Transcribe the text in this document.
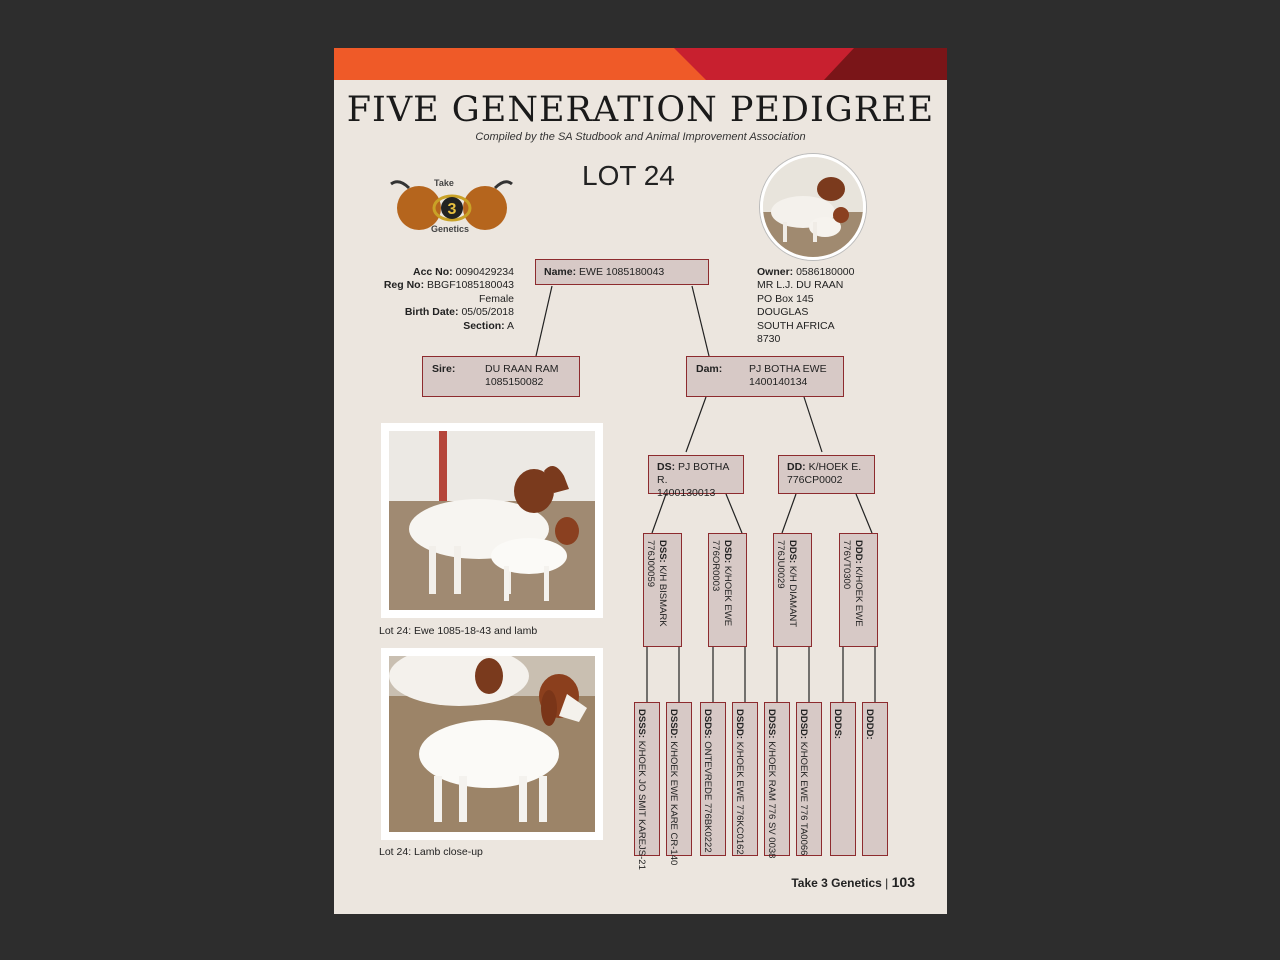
FIVE GENERATION PEDIGREE
Compiled by the SA Studbook and Animal Improvement Association
LOT 24
3
Take
Genetics
Acc No: 0090429234
Reg No: BBGF1085180043
Female
Birth Date: 05/05/2018
Section: A
Owner: 0586180000
MR L.J. DU RAAN
PO Box 145
DOUGLAS
SOUTH AFRICA
8730
Name: EWE 1085180043
Sire:	DU RAAN RAM
1085150082
Dam:	PJ BOTHA EWE
1400140134
DS: PJ BOTHA R.
1400130013
DD: K/HOEK E.
776CP0002
DSS: K/H BISMARK
776J00059	DSD: K/HOEK EWE
776OR0003	DDS: K/H DIAMANT
776JU0029	DDD: K/HOEK EWE
776VT0300
DSSS: K/HOEK JO SMIT KAREJS-21
DSSD: K/HOEK EWE KARE CR-140
DSDS: ONTEVREDE 776BK0222
DSDD: K/HOEK EWE 776KC0162
DDSS: K/HOEK RAM 776 SV 0038
DDSD: K/HOEK EWE 776 TA0066
DDDS: DDDD:
Lot 24: Ewe 1085-18-43 and lamb
Lot 24: Lamb close-up
Take 3 Genetics | 103
